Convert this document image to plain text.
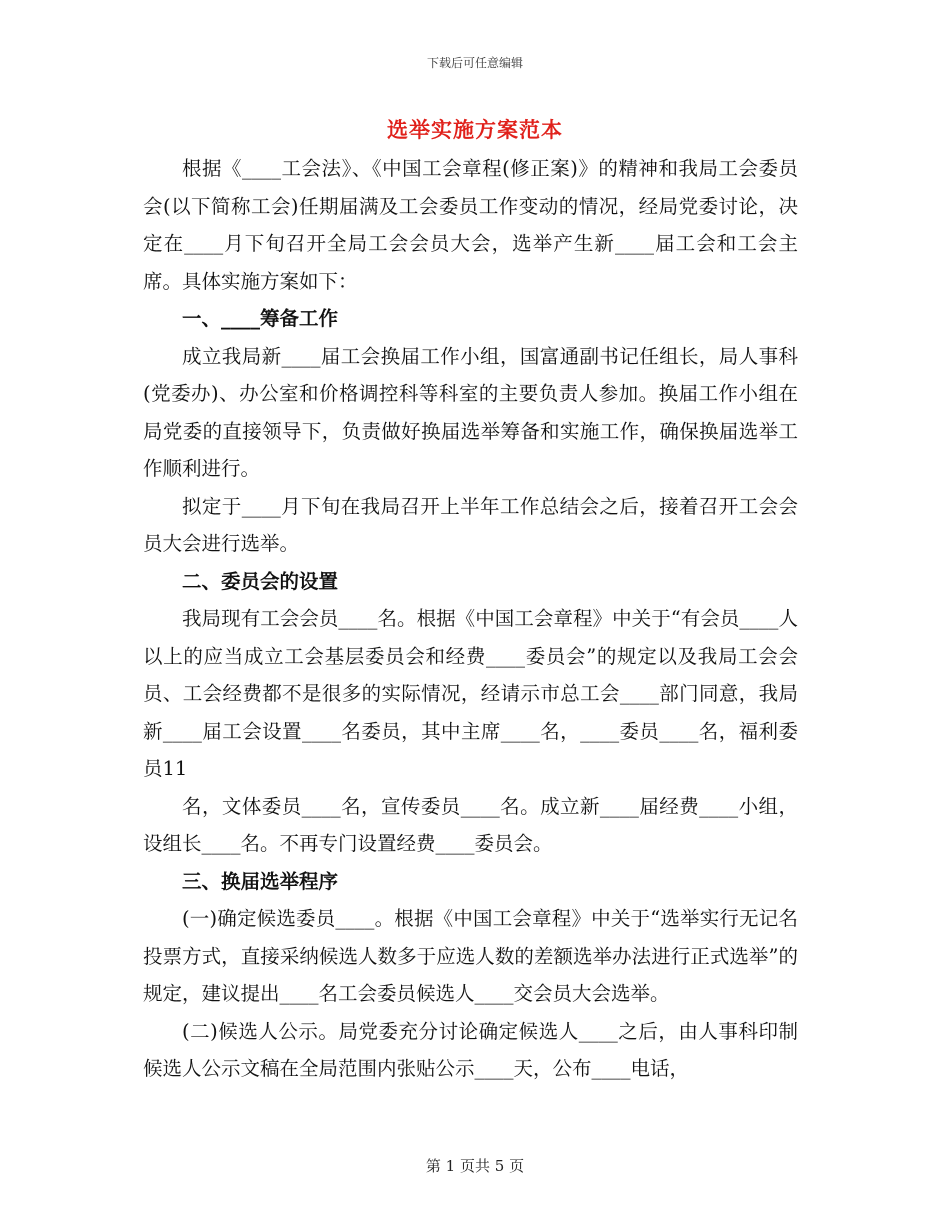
下载后可任意编辑
选举实施方案范本

根据《____工会法》、《中国工会章程(修正案)》的精神和我局工会委员会(以下简称工会)任期届满及工会委员工作变动的情况，经局党委讨论，决定在____月下旬召开全局工会会员大会，选举产生新____届工会和工会主席。具体实施方案如下：

一、____筹备工作

成立我局新____届工会换届工作小组，国富通副书记任组长，局人事科(党委办)、办公室和价格调控科等科室的主要负责人参加。换届工作小组在局党委的直接领导下，负责做好换届选举筹备和实施工作，确保换届选举工作顺利进行。

拟定于____月下旬在我局召开上半年工作总结会之后，接着召开工会会员大会进行选举。

二、委员会的设置

我局现有工会会员____名。根据《中国工会章程》中关于“有会员____人以上的应当成立工会基层委员会和经费____委员会”的规定以及我局工会会员、工会经费都不是很多的实际情况，经请示市总工会____部门同意，我局新____届工会设置____名委员，其中主席____名，____委员____名，福利委员11

名，文体委员____名，宣传委员____名。成立新____届经费____小组，设组长____名。不再专门设置经费____委员会。

三、换届选举程序

(一)确定候选委员____。根据《中国工会章程》中关于“选举实行无记名投票方式，直接采纳候选人数多于应选人数的差额选举办法进行正式选举”的规定，建议提出____名工会委员候选人____交会员大会选举。

(二)候选人公示。局党委充分讨论确定候选人____之后，由人事科印制候选人公示文稿在全局范围内张贴公示____天，公布____电话，

第 1 页共 5 页
